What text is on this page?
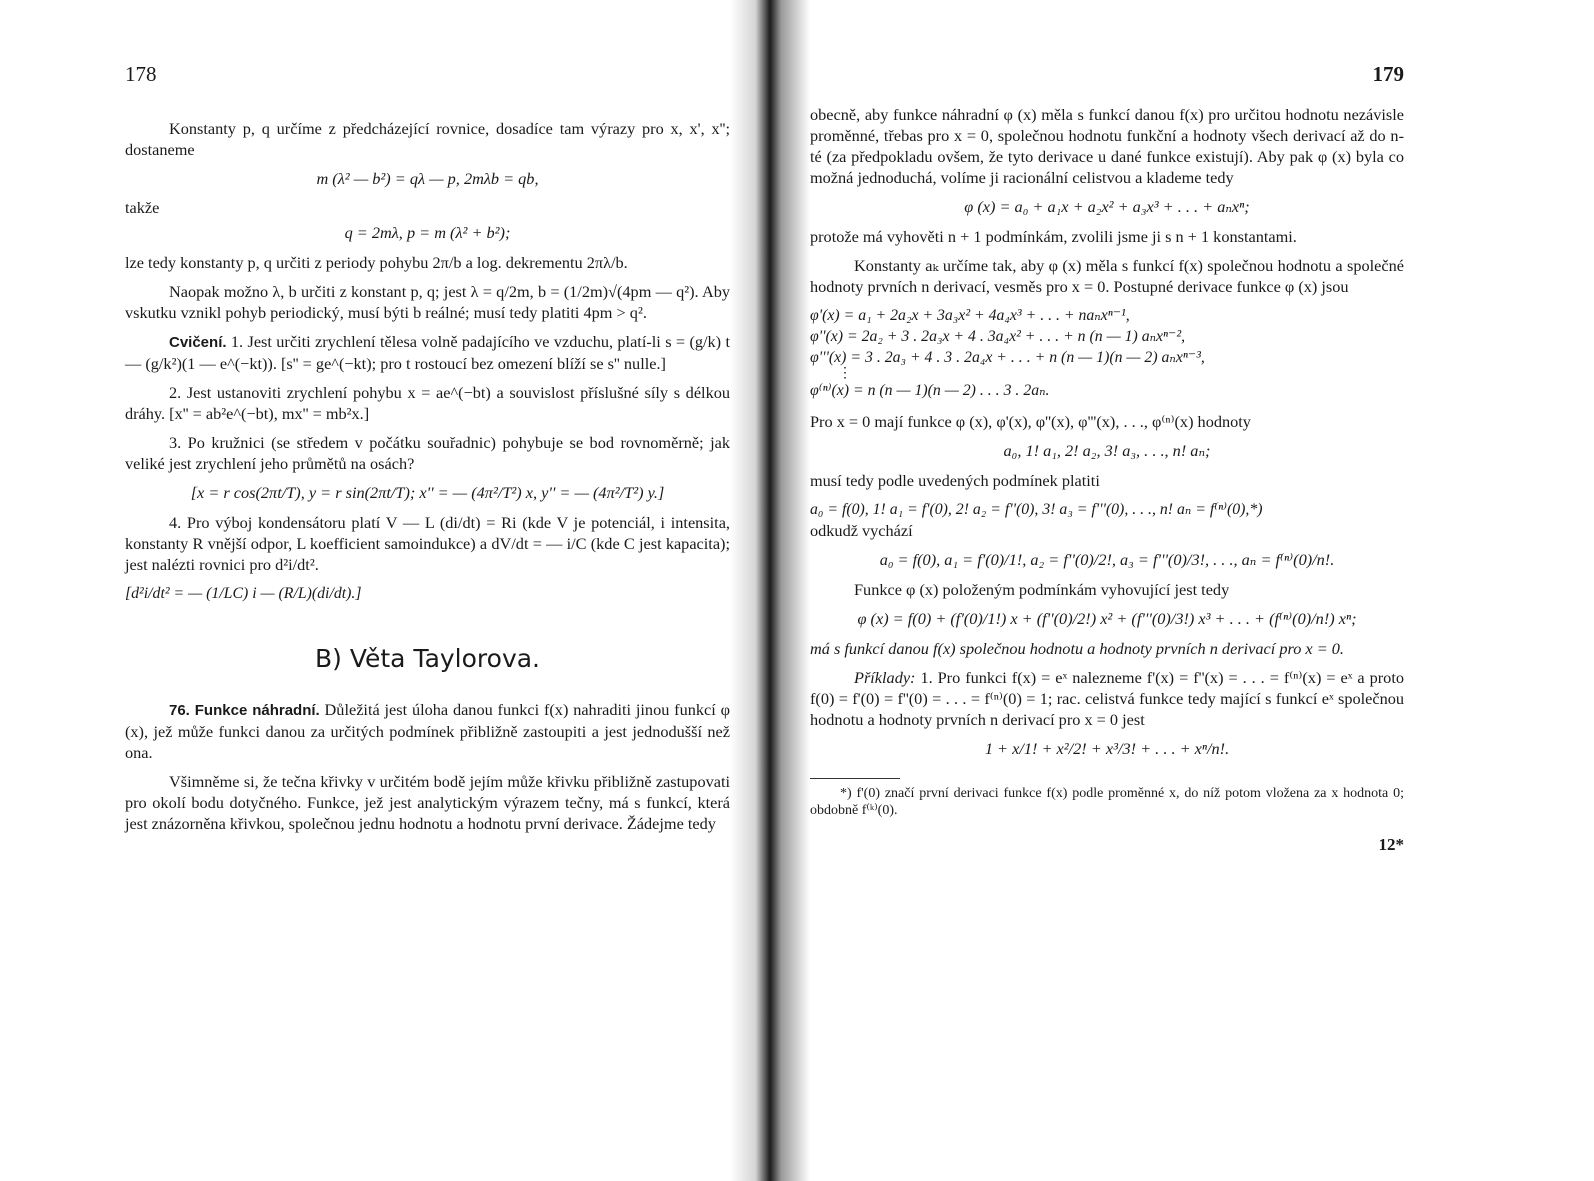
178

Konstanty p, q určíme z předcházející rovnice, dosadíce tam výrazy pro x, x', x''; dostaneme

m (λ² — b²) = qλ — p, 2mλb = qb,
takže
q = 2mλ, p = m (λ² + b²);

lze tedy konstanty p, q určiti z periody pohybu 2π/b a log. dekrementu 2πλ/b.

Naopak možno λ, b určiti z konstant p, q; jest λ = q/2m, b = (1/2m)√(4pm — q²). Aby vskutku vznikl pohyb periodický, musí býti b reálné; musí tedy platiti 4pm > q².

Cvičení. 1. Jest určiti zrychlení tělesa volně padajícího ve vzduchu, platí-li s = (g/k) t — (g/k²)(1 — e^(−kt)). [s'' = ge^(−kt); pro t rostoucí bez omezení blíží se s'' nulle.]

2. Jest ustanoviti zrychlení pohybu x = ae^(−bt) a souvislost příslušné síly s délkou dráhy. [x'' = ab²e^(−bt), mx'' = mb²x.]

3. Po kružnici (se středem v počátku souřadnic) pohybuje se bod rovnoměrně; jak veliké jest zrychlení jeho průmětů na osách?

[x = r cos(2πt/T), y = r sin(2πt/T); x'' = — (4π²/T²) x, y'' = — (4π²/T²) y.]

4. Pro výboj kondensátoru platí V — L (di/dt) = Ri (kde V je potenciál, i intensita, konstanty R vnější odpor, L koefficient samoindukce) a dV/dt = — i/C (kde C jest kapacita); jest nalézti rovnici pro d²i/dt².

[d²i/dt² = — (1/LC) i — (R/L)(di/dt).]
B) Věta Taylorova.

76. Funkce náhradní. Důležitá jest úloha danou funkci f(x) nahraditi jinou funkcí φ (x), jež může funkci danou za určitých podmínek přibližně zastoupiti a jest jednodušší než ona.

Všimněme si, že tečna křivky v určitém bodě jejím může křivku přibližně zastupovati pro okolí bodu dotyčného. Funkce, jež jest analytickým výrazem tečny, má s funkcí, která jest znázorněna křivkou, společnou jednu hodnotu a hodnotu první derivace. Žádejme tedy

179

obecně, aby funkce náhradní φ (x) měla s funkcí danou f(x) pro určitou hodnotu nezávisle proměnné, třebas pro x = 0, společnou hodnotu funkční a hodnoty všech derivací až do n-té (za předpokladu ovšem, že tyto derivace u dané funkce existují). Aby pak φ (x) byla co možná jednoduchá, volíme ji racionální celistvou a klademe tedy

φ (x) = a₀ + a₁x + a₂x² + a₃x³ + . . . + aₙxⁿ;

protože má vyhověti n + 1 podmínkám, zvolili jsme ji s n + 1 konstantami.

Konstanty aₖ určíme tak, aby φ (x) měla s funkcí f(x) společnou hodnotu a společné hodnoty prvních n derivací, vesměs pro x = 0. Postupné derivace funkce φ (x) jsou

φ'(x) = a₁ + 2a₂x + 3a₃x² + 4a₄x³ + . . . + naₙxⁿ⁻¹,
φ''(x) = 2a₂ + 3 . 2a₃x + 4 . 3a₄x² + . . . + n (n — 1) aₙxⁿ⁻²,
φ'''(x) = 3 . 2a₃ + 4 . 3 . 2a₄x + . . . + n (n — 1)(n — 2) aₙxⁿ⁻³,
⋮
φ⁽ⁿ⁾(x) = n (n — 1)(n — 2) . . . 3 . 2aₙ.

Pro x = 0 mají funkce φ (x), φ'(x), φ''(x), φ'''(x), . . ., φ⁽ⁿ⁾(x) hodnoty

a₀, 1! a₁, 2! a₂, 3! a₃, . . ., n! aₙ;

musí tedy podle uvedených podmínek platiti

a₀ = f(0), 1! a₁ = f'(0), 2! a₂ = f''(0), 3! a₃ = f'''(0), . . ., n! aₙ = f⁽ⁿ⁾(0),*)

odkudž vychází

a₀ = f(0), a₁ = f'(0)/1!, a₂ = f''(0)/2!, a₃ = f'''(0)/3!, . . ., aₙ = f⁽ⁿ⁾(0)/n!.

Funkce φ (x) položeným podmínkám vyhovující jest tedy

φ (x) = f(0) + (f'(0)/1!) x + (f''(0)/2!) x² + (f'''(0)/3!) x³ + . . . + (f⁽ⁿ⁾(0)/n!) xⁿ;

má s funkcí danou f(x) společnou hodnotu a hodnoty prvních n derivací pro x = 0.

Příklady: 1. Pro funkci f(x) = eˣ nalezneme f'(x) = f''(x) = . . . = f⁽ⁿ⁾(x) = eˣ a proto f(0) = f'(0) = f''(0) = . . . = f⁽ⁿ⁾(0) = 1; rac. celistvá funkce tedy mající s funkcí eˣ společnou hodnotu a hodnoty prvních n derivací pro x = 0 jest

1 + x/1! + x²/2! + x³/3! + . . . + xⁿ/n!.

*) f'(0) značí první derivaci funkce f(x) podle proměnné x, do níž potom vložena za x hodnota 0; obdobně f⁽ᵏ⁾(0).

12*
